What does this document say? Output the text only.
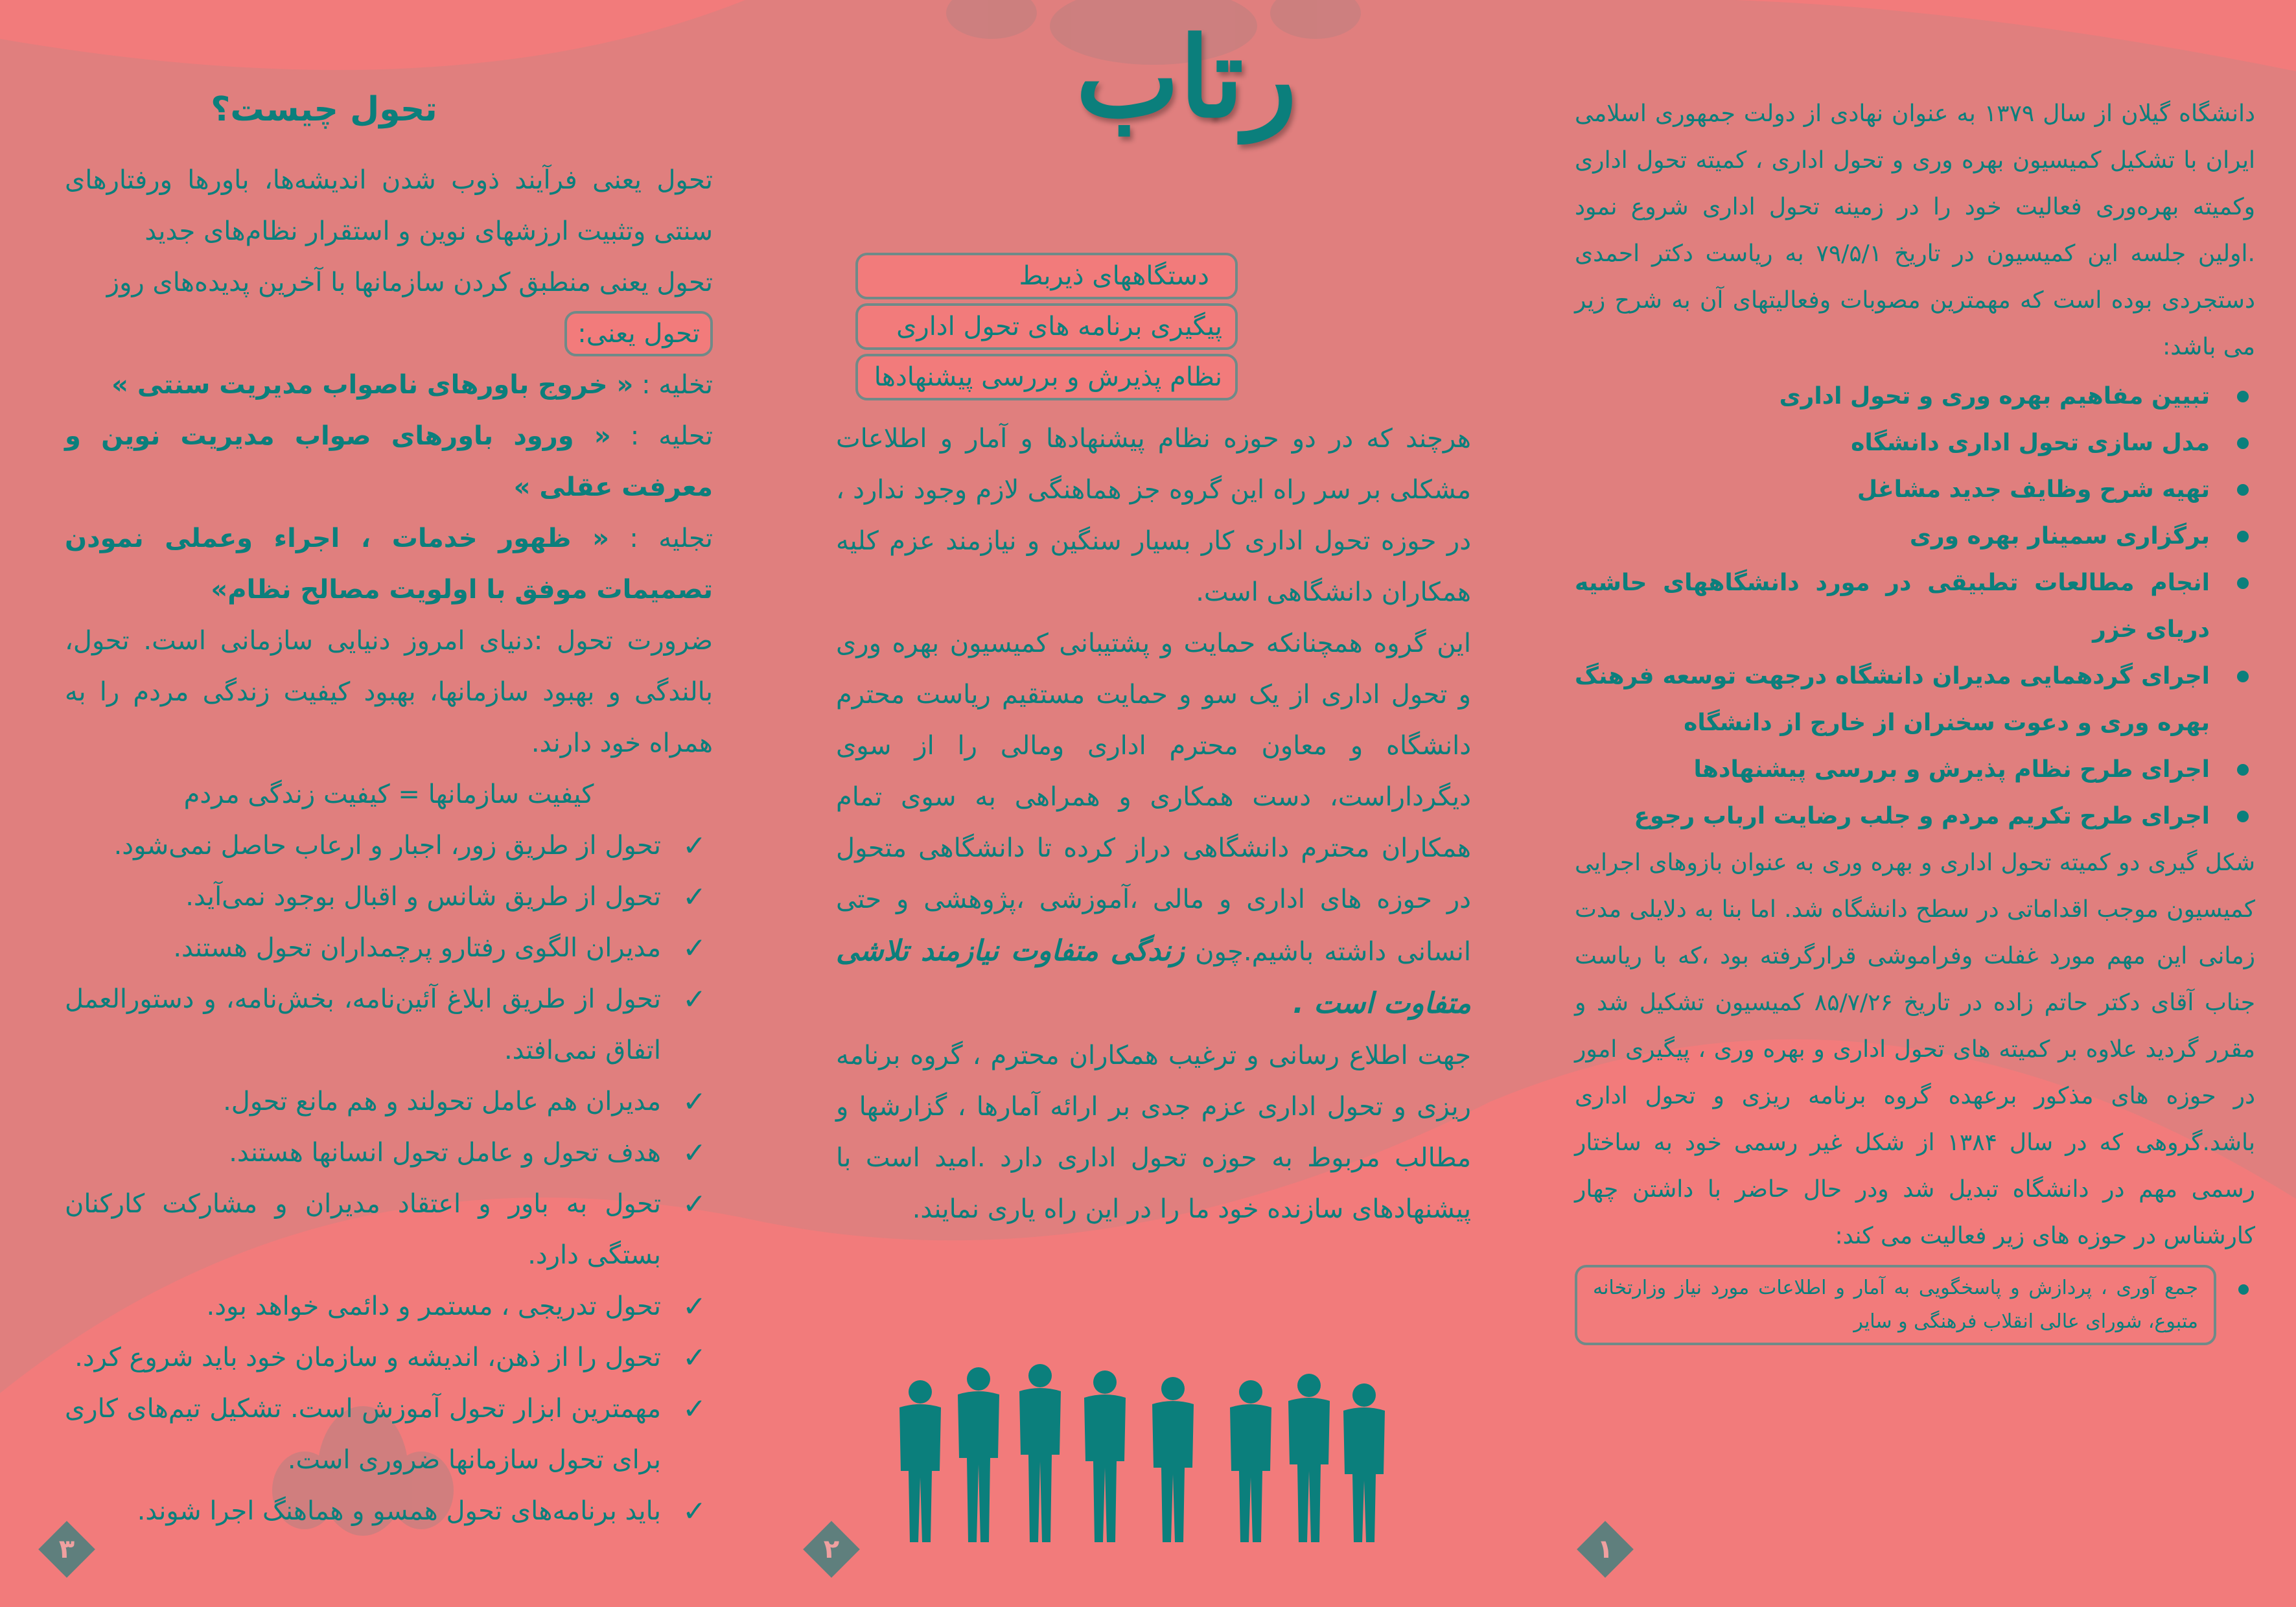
رتاب	دانشگاه گیلان از سال ۱۳۷۹ به عنوان نهادی از دولت جمهوری اسلامی ایران با تشکیل کمیسیون بهره وری و تحول اداری ، کمیته تحول اداری وکمیته بهره‌وری فعالیت خود را در زمینه تحول اداری شروع نمود .اولین جلسه این کمیسیون در تاریخ ۷۹/۵/۱ به ریاست دکتر احمدی دستجردی بوده است که مهمترین مصوبات وفعالیتهای آن به شرح زیر می باشد:

تبیین مفاهیم بهره وری و تحول اداری
مدل سازی تحول اداری دانشگاه
تهیه شرح وظایف جدید مشاغل
برگزاری سمینار بهره وری
انجام مطالعات تطبیقی در مورد دانشگاههای حاشیه دریای خزر
اجرای گردهمایی مدیران دانشگاه درجهت توسعه فرهنگ بهره وری و دعوت سخنران از خارج از دانشگاه
اجرای طرح نظام پذیرش و بررسی پیشنهادها
اجرای طرح تکریم مردم و جلب رضایت ارباب رجوع

شکل گیری دو کمیته تحول اداری و بهره وری به عنوان بازوهای اجرایی کمیسیون موجب اقداماتی در سطح دانشگاه شد. اما بنا به دلایلی مدت زمانی این مهم مورد غفلت وفراموشی قرارگرفته بود ،که با ریاست جناب آقای دکتر حاتم زاده در تاریخ ۸۵/۷/۲۶ کمیسیون تشکیل شد و مقرر گردید علاوه بر کمیته های تحول اداری و بهره وری ، پیگیری امور در حوزه های مذکور برعهده گروه برنامه ریزی و تحول اداری باشد.گروهی که در سال ۱۳۸۴ از شکل غیر رسمی خود به ساختار رسمی مهم در دانشگاه تبدیل شد ودر حال حاضر با داشتن چهار کارشناس در حوزه های زیر فعالیت می کند:

جمع آوری ، پردازش و پاسخگویی به آمار و اطلاعات مورد نیاز وزارتخانه متبوع، شورای عالی انقلاب فرهنگی و سایر
دستگاههای ذیربط
پیگیری برنامه های تحول اداری
نظام پذیرش و بررسی پیشنهادها

هرچند که در دو حوزه نظام پیشنهادها و آمار و اطلاعات مشکلی بر سر راه این گروه جز هماهنگی لازم وجود ندارد ، در حوزه تحول اداری کار بسیار سنگین و نیازمند عزم کلیه همکاران دانشگاهی است.

این گروه همچنانکه حمایت و پشتیبانی کمیسیون بهره وری و تحول اداری از یک سو و حمایت مستقیم ریاست محترم دانشگاه و معاون محترم اداری ومالی را از سوی دیگرداراست، دست همکاری و همراهی به سوی تمام همکاران محترم دانشگاهی دراز کرده تا دانشگاهی متحول در حوزه های اداری و مالی ،آموزشی ،پژوهشی و حتی انسانی داشته باشیم.چون زندگی متفاوت نیازمند تلاشی متفاوت است .

جهت اطلاع رسانی و ترغیب همکاران محترم ، گروه برنامه ریزی و تحول اداری عزم جدی بر ارائه آمارها ، گزارشها و مطالب مربوط به حوزه تحول اداری دارد .امید است با پیشنهادهای سازنده خود ما را در این راه یاری نمایند.

تحول چیست؟

تحول یعنی فرآیند ذوب شدن اندیشه‌ها، باورها ورفتارهای سنتی وتثبیت ارزشهای نوین و استقرار نظام‌های جدید

تحول یعنی منطبق کردن سازمانها با آخرین پدیده‌های روز

تحول یعنی:

تخلیه : « خروج باورهای ناصواب مدیریت سنتی »

تحلیه : « ورود باورهای صواب مدیریت نوین و معرفت عقلی »

تجلیه : « ظهور خدمات ، اجراء وعملی نمودن تصمیمات موفق با اولویت مصالح نظام»

ضرورت تحول :دنیای امروز دنیایی سازمانی است. تحول، بالندگی و بهبود سازمانها، بهبود کیفیت زندگی مردم را به همراه خود دارند.

کیفیت سازمانها = کیفیت زندگی مردم

✓ تحول از طریق زور، اجبار و ارعاب حاصل نمی‌شود.
✓ تحول از طریق شانس و اقبال بوجود نمی‌آید.
✓ مدیران الگوی رفتارو پرچمداران تحول هستند.
✓ تحول از طریق ابلاغ آئین‌نامه، بخش‌نامه، و دستورالعمل اتفاق نمی‌افتد.
✓ مدیران هم عامل تحولند و هم مانع تحول.
✓ هدف تحول و عامل تحول انسانها هستند.
✓ تحول به باور و اعتقاد مدیران و مشارکت کارکنان بستگی دارد.
✓ تحول تدریجی ، مستمر و دائمی خواهد بود.
✓ تحول را از ذهن، اندیشه و سازمان خود باید شروع کرد.
✓ مهمترین ابزار تحول آموزش است. تشکیل تیم‌های کاری برای تحول سازمانها ضروری است.
✓ باید برنامه‌های تحول همسو و هماهنگ اجرا شوند.
۳	۲	۱
